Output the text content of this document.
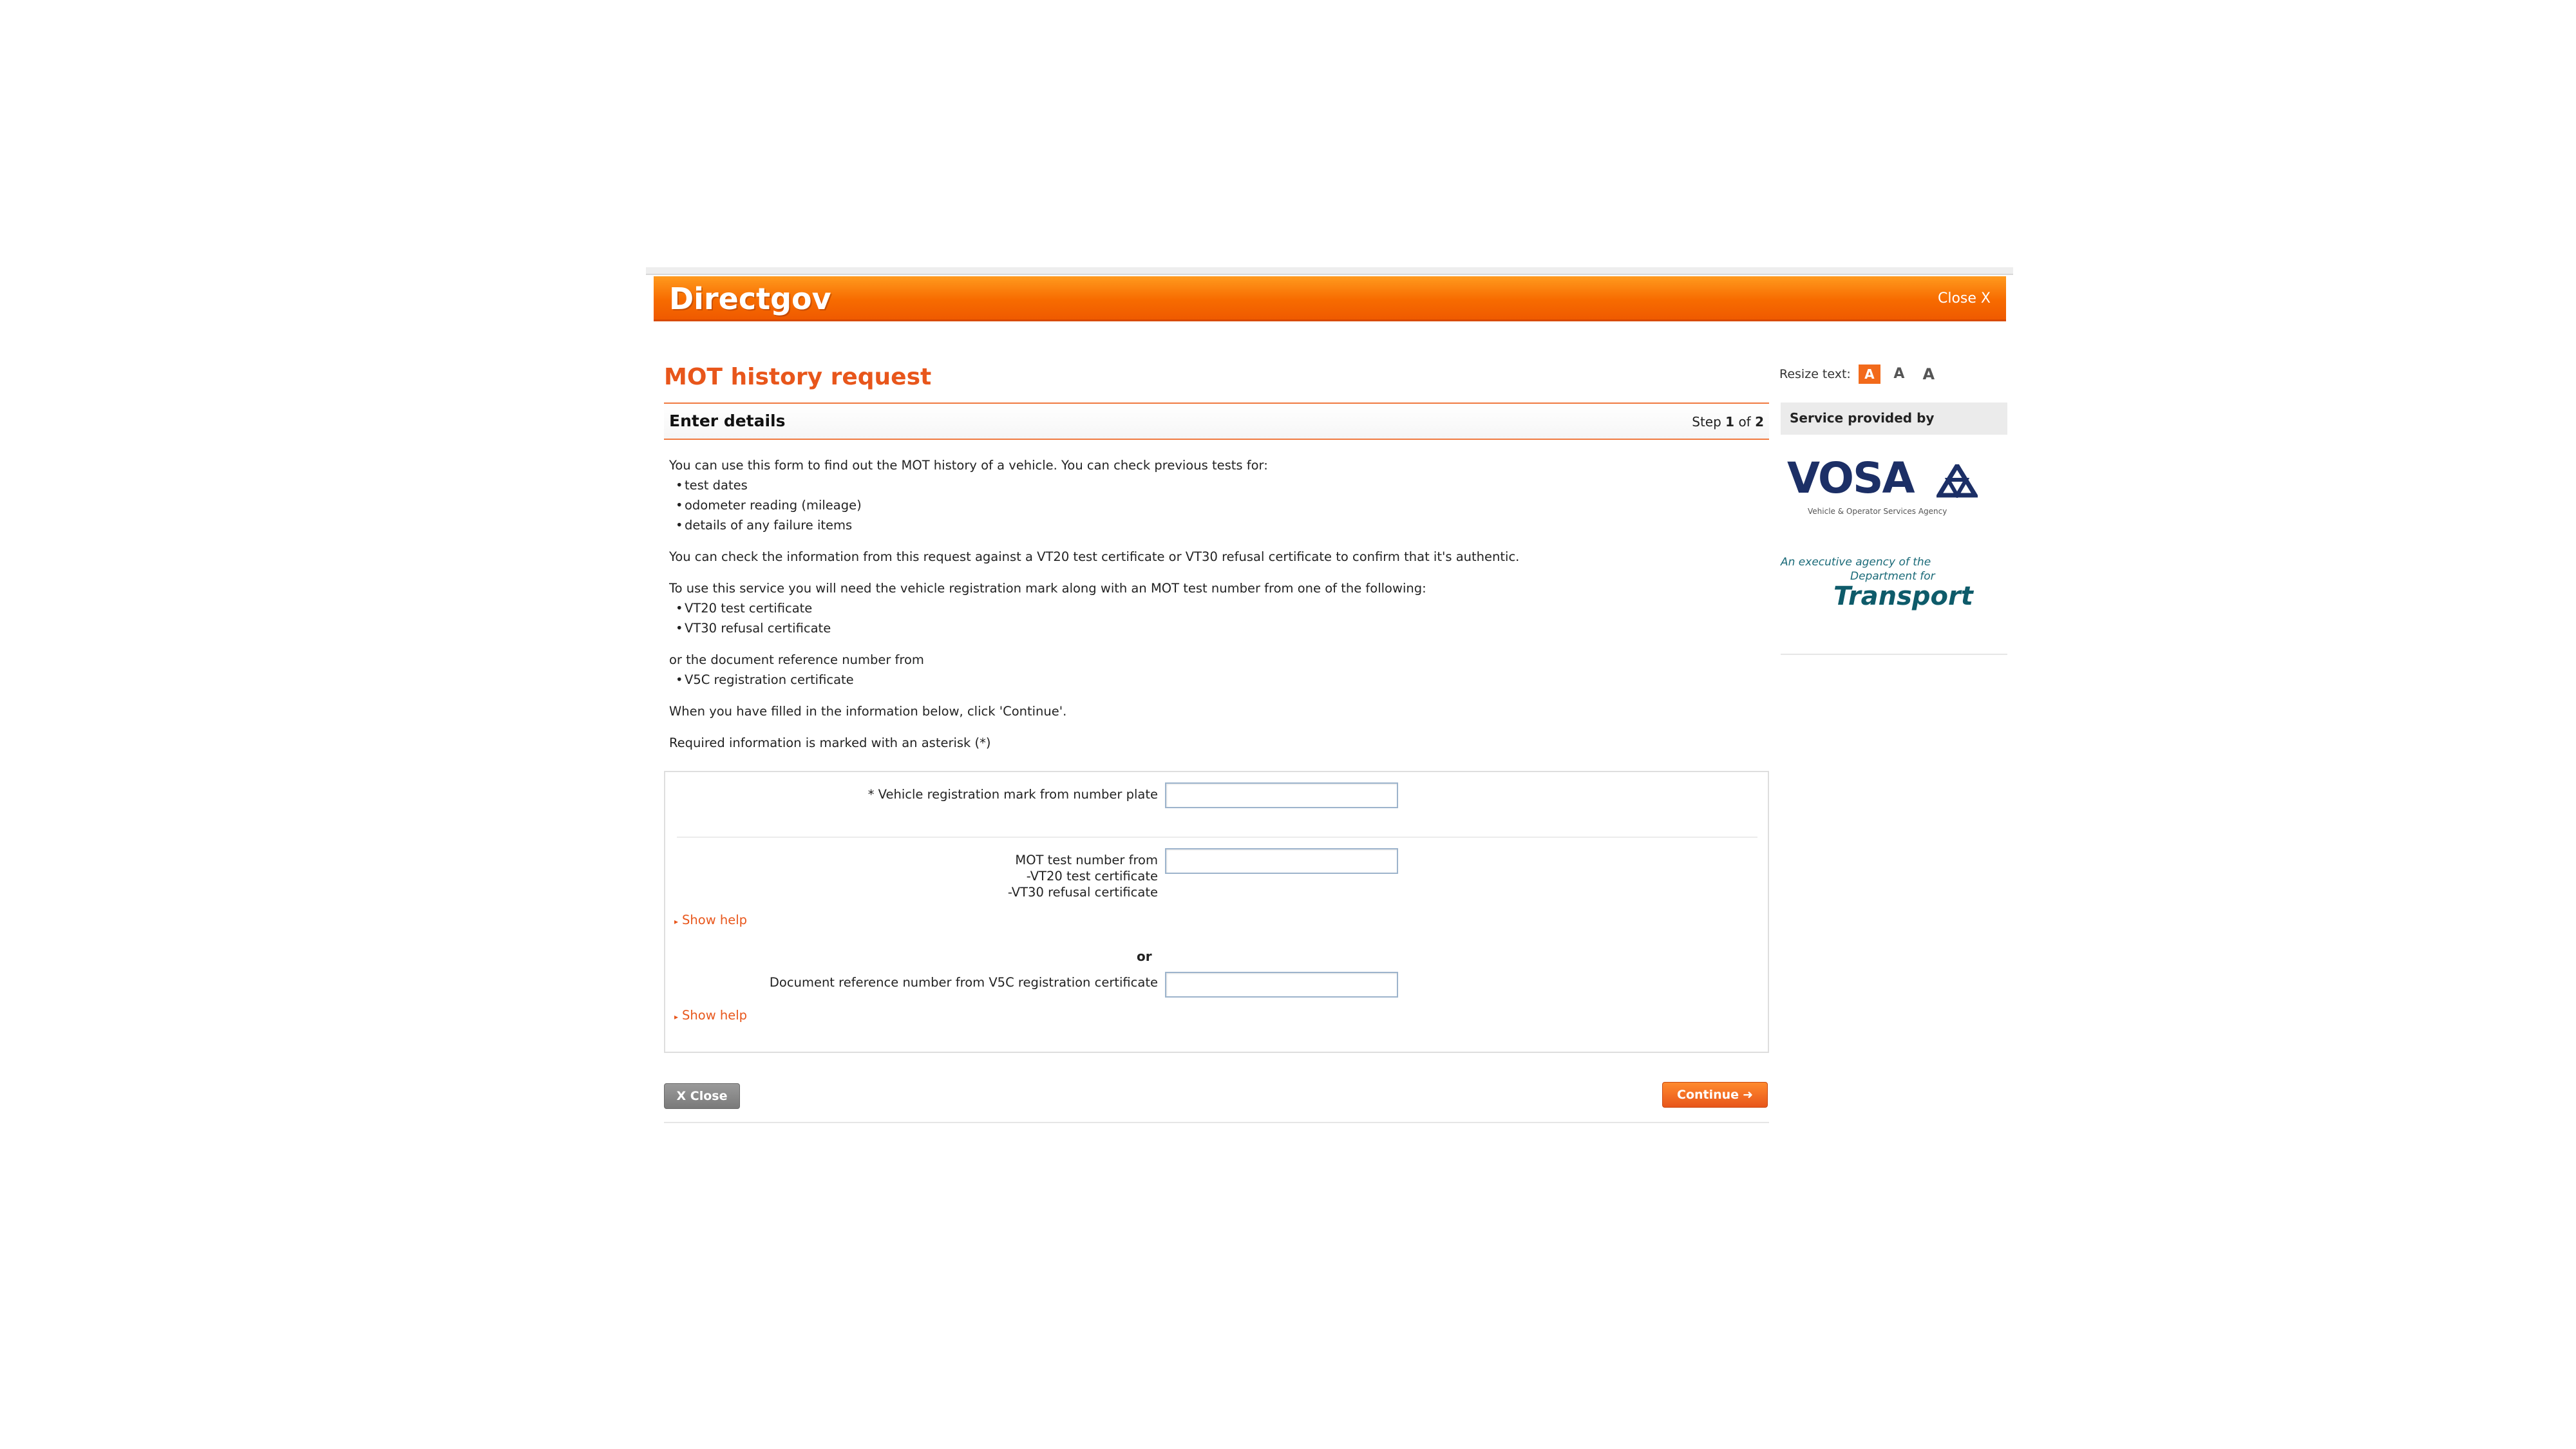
Directgov	Close X
MOT history request	Resize text:	A	A	A
Enter details	Step 1 of 2

You can use this form to find out the MOT history of a vehicle. You can check previous tests for:

• test dates
• odometer reading (mileage)
• details of any failure items

You can check the information from this request against a VT20 test certificate or VT30 refusal certificate to confirm that it's authentic.

To use this service you will need the vehicle registration mark along with an MOT test number from one of the following:

• VT20 test certificate
• VT30 refusal certificate

or the document reference number from

• V5C registration certificate

When you have filled in the information below, click 'Continue'.

Required information is marked with an asterisk (*)

* Vehicle registration mark from number plate
MOT test number from
-VT20 test certificate
-VT30 refusal certificate
▸ Show help
or
Document reference number from V5C registration certificate
▸ Show help
X Close	Continue ➜
Service provided by
VOSA
Vehicle & Operator Services Agency
An executive agency of the
Department for
Transport
